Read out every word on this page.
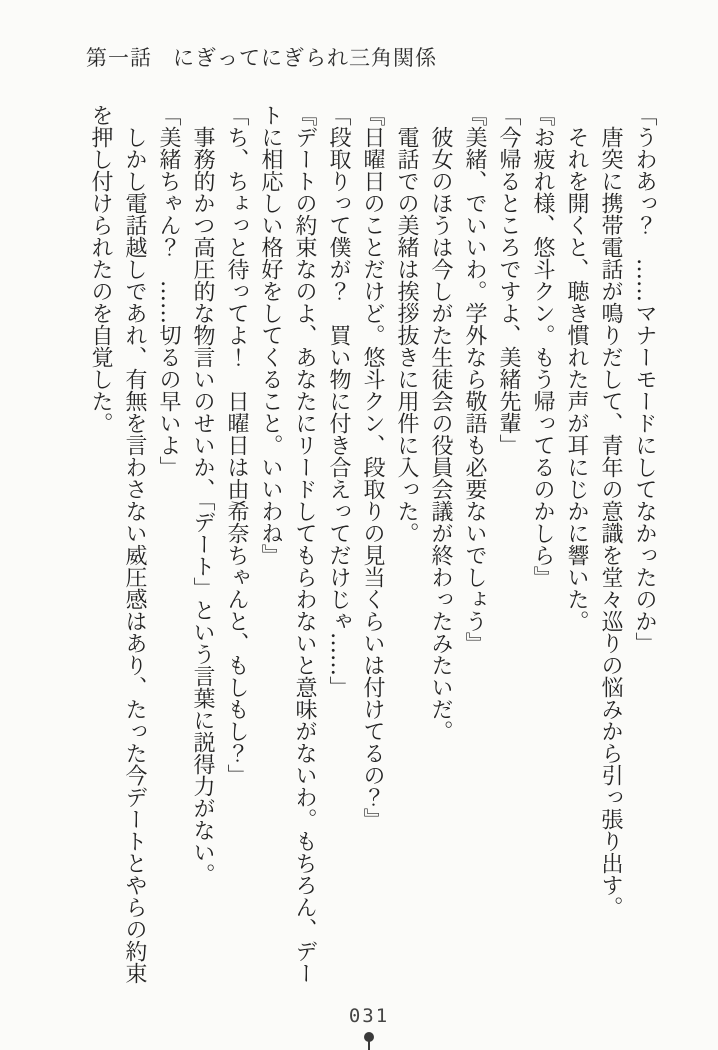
第一話 にぎってにぎられ三角関係

「うわあっ？　……マナーモードにしてなかったのか」

唐突に携帯電話が鳴りだして、青年の意識を堂々巡りの悩みから引っ張り出す。

それを開くと、聴き慣れた声が耳にじかに響いた。

『お疲れ様、悠斗クン。もう帰ってるのかしら』

「今帰るところですよ、美緒先輩」

『美緒、でいいわ。学外なら敬語も必要ないでしょう』

彼女のほうは今しがた生徒会の役員会議が終わったみたいだ。

電話での美緒は挨拶抜きに用件に入った。

『日曜日のことだけど。悠斗クン、段取りの見当くらいは付けてるの？』

「段取りって僕が？　買い物に付き合えってだけじゃ……」

『デートの約束なのよ、あなたにリードしてもらわないと意味がないわ。もちろん、デートに相応しい格好をしてくること。いいわね』

「ち、ちょっと待ってよ！　日曜日は由希奈ちゃんと、もしもし？」

事務的かつ高圧的な物言いのせいか、「デート」という言葉に説得力がない。

「美緒ちゃん？　……切るの早いよ」

しかし電話越しであれ、有無を言わさない威圧感はあり、たった今デートとやらの約束を押し付けられたのを自覚した。

031
